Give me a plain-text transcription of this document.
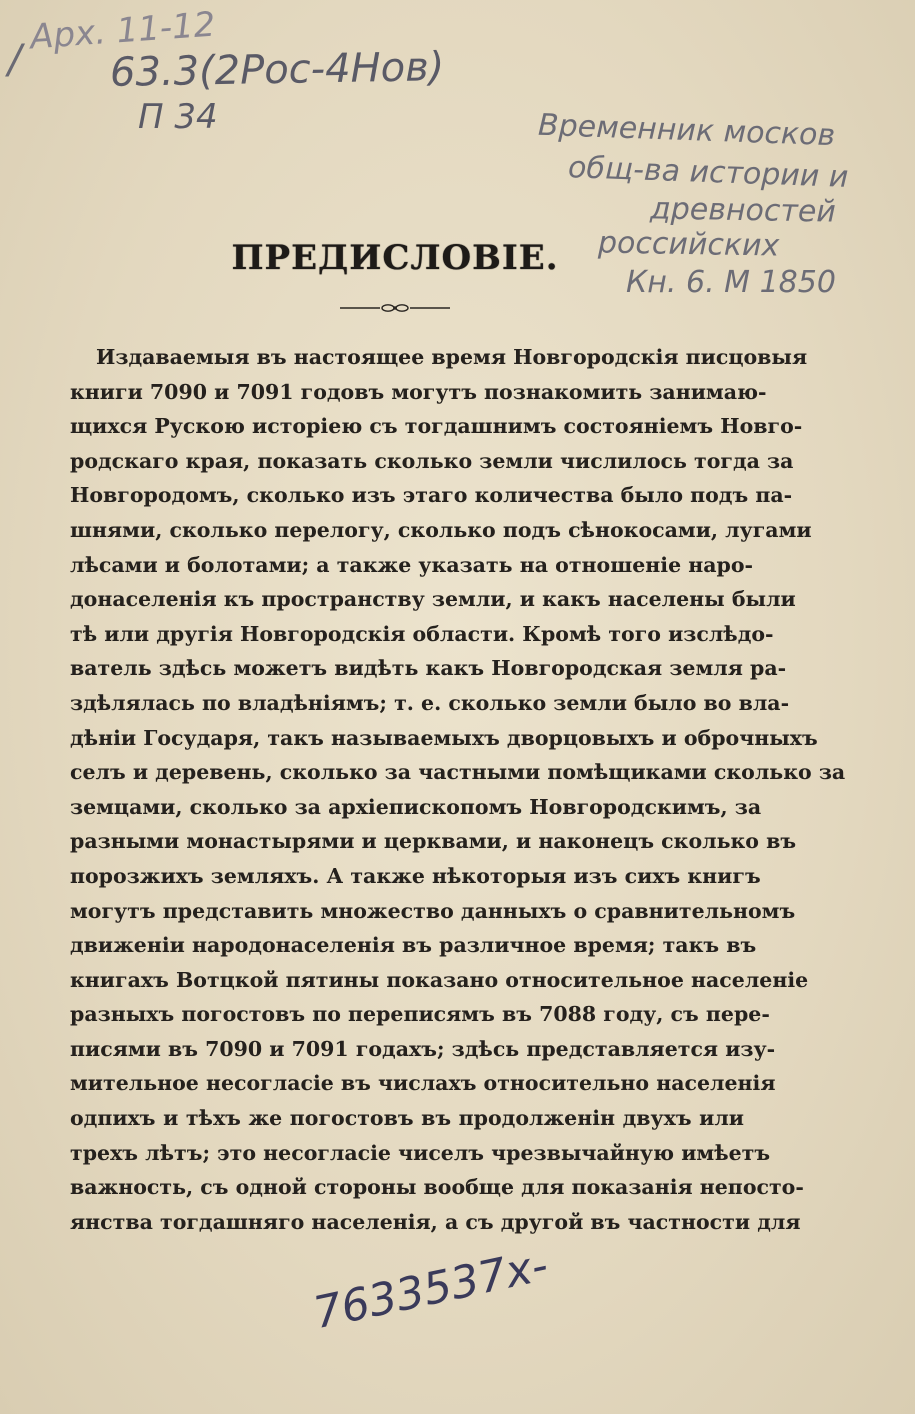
Арх. 11-12
/ 63.3(2Рос-4Нов)
П 34	Временник москов
общ-ва истории и
древностей
российских
Кн. 6. М 1850
ПРЕДИСЛОВІЕ.
Издаваемыя въ настоящее время Новгородскія писцовыя
книги 7090 и 7091 годовъ могутъ познакомить занимаю-
щихся Рускою исторіею съ тогдашнимъ состояніемъ Новго-
родскаго края, показать сколько земли числилось тогда за
Новгородомъ, сколько изъ этаго количества было подъ па-
шнями, сколько перелогу, сколько подъ сѣнокосами, лугами
лѣсами и болотами; а также указать на отношеніе наро-
донаселенія къ пространству земли, и какъ населены были
тѣ или другія Новгородскія области. Кромѣ того изслѣдо-
ватель здѣсь можетъ видѣть какъ Новгородская земля ра-
здѣлялась по владѣніямъ; т. е. сколько земли было во вла-
дѣніи Государя, такъ называемыхъ дворцовыхъ и оброчныхъ
селъ и деревень, сколько за частными помѣщиками сколько за
земцами, сколько за архіепископомъ Новгородскимъ, за
разными монастырями и церквами, и наконецъ сколько въ
порозжихъ земляхъ. А также нѣкоторыя изъ сихъ книгъ
могутъ представить множество данныхъ о сравнительномъ
движеніи народонаселенія въ различное время; такъ въ
книгахъ Вотцкой пятины показано относительное населеніе
разныхъ погостовъ по переписямъ въ 7088 году, съ пере-
писями въ 7090 и 7091 годахъ; здѣсь представляется изу-
мительное несогласіе въ числахъ относительно населенія
одпихъ и тѣхъ же погостовъ въ продолженін двухъ или
трехъ лѣтъ; это несогласіе чиселъ чрезвычайную имѣетъ
важность, съ одной стороны вообще для показанія непосто-
янства тогдашняго населенія, а съ другой въ частности для
7633537x-
